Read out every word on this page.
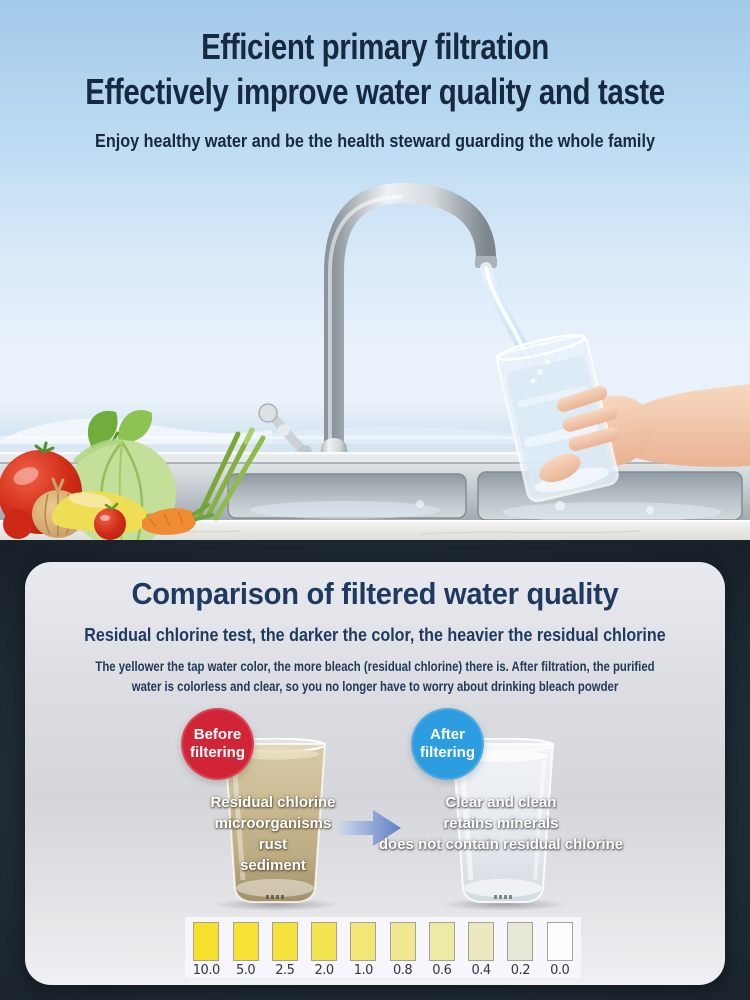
Efficient primary filtration
Effectively improve water quality and taste

Enjoy healthy water and be the health steward guarding the whole family

Comparison of filtered water quality

Residual chlorine test, the darker the color, the heavier the residual chlorine

The yellower the tap water color, the more bleach (residual chlorine) there is. After filtration, the purified
water is colorless and clear, so you no longer have to worry about drinking bleach powder

Before
filtering
After
filtering
Residual chlorine
microorganisms
rust
sediment
Clear and clean
retains minerals
does not contain residual chlorine
10.0	5.0	2.5	2.0	1.0	0.8	0.6	0.4	0.2	0.0
